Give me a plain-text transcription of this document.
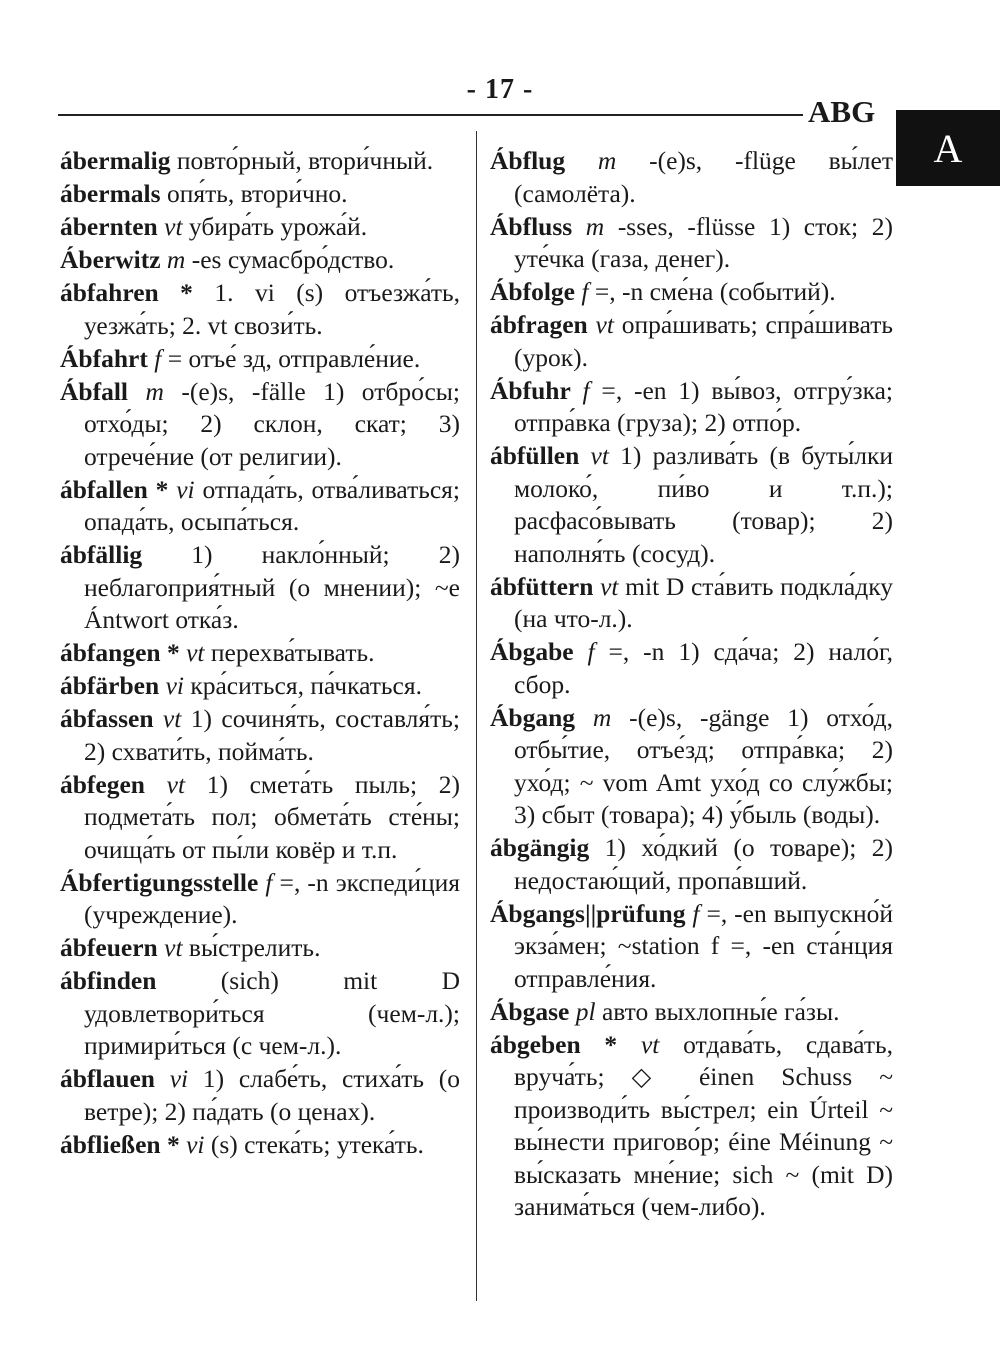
- 17 -
ABG
A

ábermalig повто́рный, втори́чный.

ábermals опя́ть, втори́чно.

ábernten vt убира́ть урожа́й.

Áberwitz m -es сумасбро́дство.

ábfahren * 1. vi (s) отъезжа́ть, уезжа́ть; 2. vt свози́ть.

Ábfahrt f = отъе́ зд, отправле́ние.

Ábfall m -(e)s, -fälle 1) отбро́сы; отхо́ды; 2) склон, скат; 3) отрече́ние (от религии).

ábfallen * vi отпада́ть, отва́ливаться; опада́ть, осыпа́ться.

ábfällig 1) накло́нный; 2) неблагоприя́тный (о мнении); ~e Ántwort отка́з.

ábfangen * vt перехва́тывать.

ábfärben vi кра́ситься, па́чкаться.

ábfassen vt 1) сочиня́ть, составля́ть; 2) схвати́ть, пойма́ть.

ábfegen vt 1) смета́ть пыль; 2) подмета́ть пол; обмета́ть сте́ны; очища́ть от пы́ли ковёр и т.п.

Ábfertigungsstelle f =, -n экспеди́ция (учреждение).

ábfeuern vt вы́стрелить.

ábfinden (sich) mit D удовлетвори́ться (чем-л.); примири́ться (с чем-л.).

ábflauen vi 1) слабе́ть, стиха́ть (о ветре); 2) па́дать (о ценах).

ábfließen * vi (s) стека́ть; утека́ть.

Ábflug m -(e)s, -flüge вы́лет (самолёта).

Ábfluss m -sses, -flüsse 1) сток; 2) уте́чка (газа, денег).

Ábfolge f =, -n сме́на (событий).

ábfragen vt опра́шивать; спра́шивать (урок).

Ábfuhr f =, -en 1) вы́воз, отгру́зка; отпра́вка (груза); 2) отпо́р.

ábfüllen vt 1) разлива́ть (в буты́лки молоко́, пи́во и т.п.); расфасо́вывать (товар); 2) наполня́ть (сосуд).

ábfüttern vt mit D ста́вить подкла́дку (на что-л.).

Ábgabe f =, -n 1) сда́ча; 2) нало́г, сбор.

Ábgang m -(e)s, -gänge 1) отхо́д, отбы́тие, отъе́зд; отпра́вка; 2) ухо́д; ~ vom Amt ухо́д со слу́жбы; 3) сбыт (товара); 4) у́быль (воды).

ábgängig 1) хо́дкий (о товаре); 2) недостаю́щий, пропа́вший.

Ábgangs||prüfung f =, -en выпускно́й экза́мен; ~station f =, -en ста́нция отправле́ния.

Ábgase pl авто выхлопны́е га́зы.

ábgeben * vt отдава́ть, сдава́ть, вруча́ть; ◇ éinen Schuss ~ производи́ть вы́стрел; ein Úrteil ~ вы́нести пригово́р; éine Méinung ~ вы́сказать мне́ние; sich ~ (mit D) занима́ться (чем-либо).
